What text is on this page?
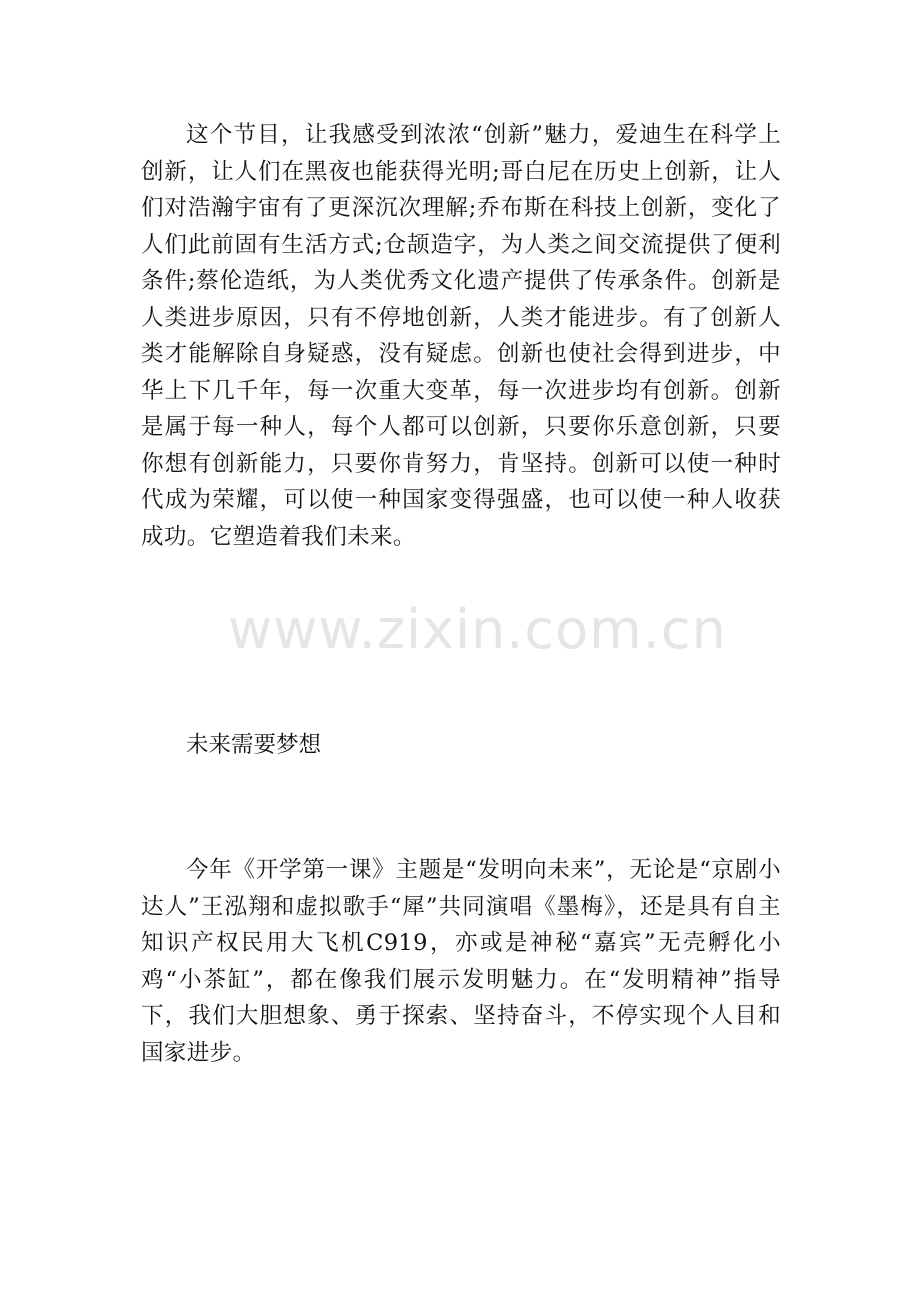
这个节目，让我感受到浓浓“创新”魅力，爱迪生在科学上创新，让人们在黑夜也能获得光明;哥白尼在历史上创新，让人们对浩瀚宇宙有了更深沉次理解;乔布斯在科技上创新，变化了人们此前固有生活方式;仓颉造字，为人类之间交流提供了便利条件;蔡伦造纸，为人类优秀文化遗产提供了传承条件。创新是人类进步原因，只有不停地创新，人类才能进步。有了创新人类才能解除自身疑惑，没有疑虑。创新也使社会得到进步，中华上下几千年，每一次重大变革，每一次进步均有创新。创新是属于每一种人，每个人都可以创新，只要你乐意创新，只要你想有创新能力，只要你肯努力，肯坚持。创新可以使一种时代成为荣耀，可以使一种国家变得强盛，也可以使一种人收获成功。它塑造着我们未来。

www.zixin.com.cn

未来需要梦想

今年《开学第一课》主题是“发明向未来”，无论是“京剧小达人”王泓翔和虚拟歌手“犀”共同演唱《墨梅》，还是具有自主知识产权民用大飞机C919，亦或是神秘“嘉宾”无壳孵化小鸡“小茶缸”，都在像我们展示发明魅力。在“发明精神”指导下，我们大胆想象、勇于探索、坚持奋斗，不停实现个人目和国家进步。
